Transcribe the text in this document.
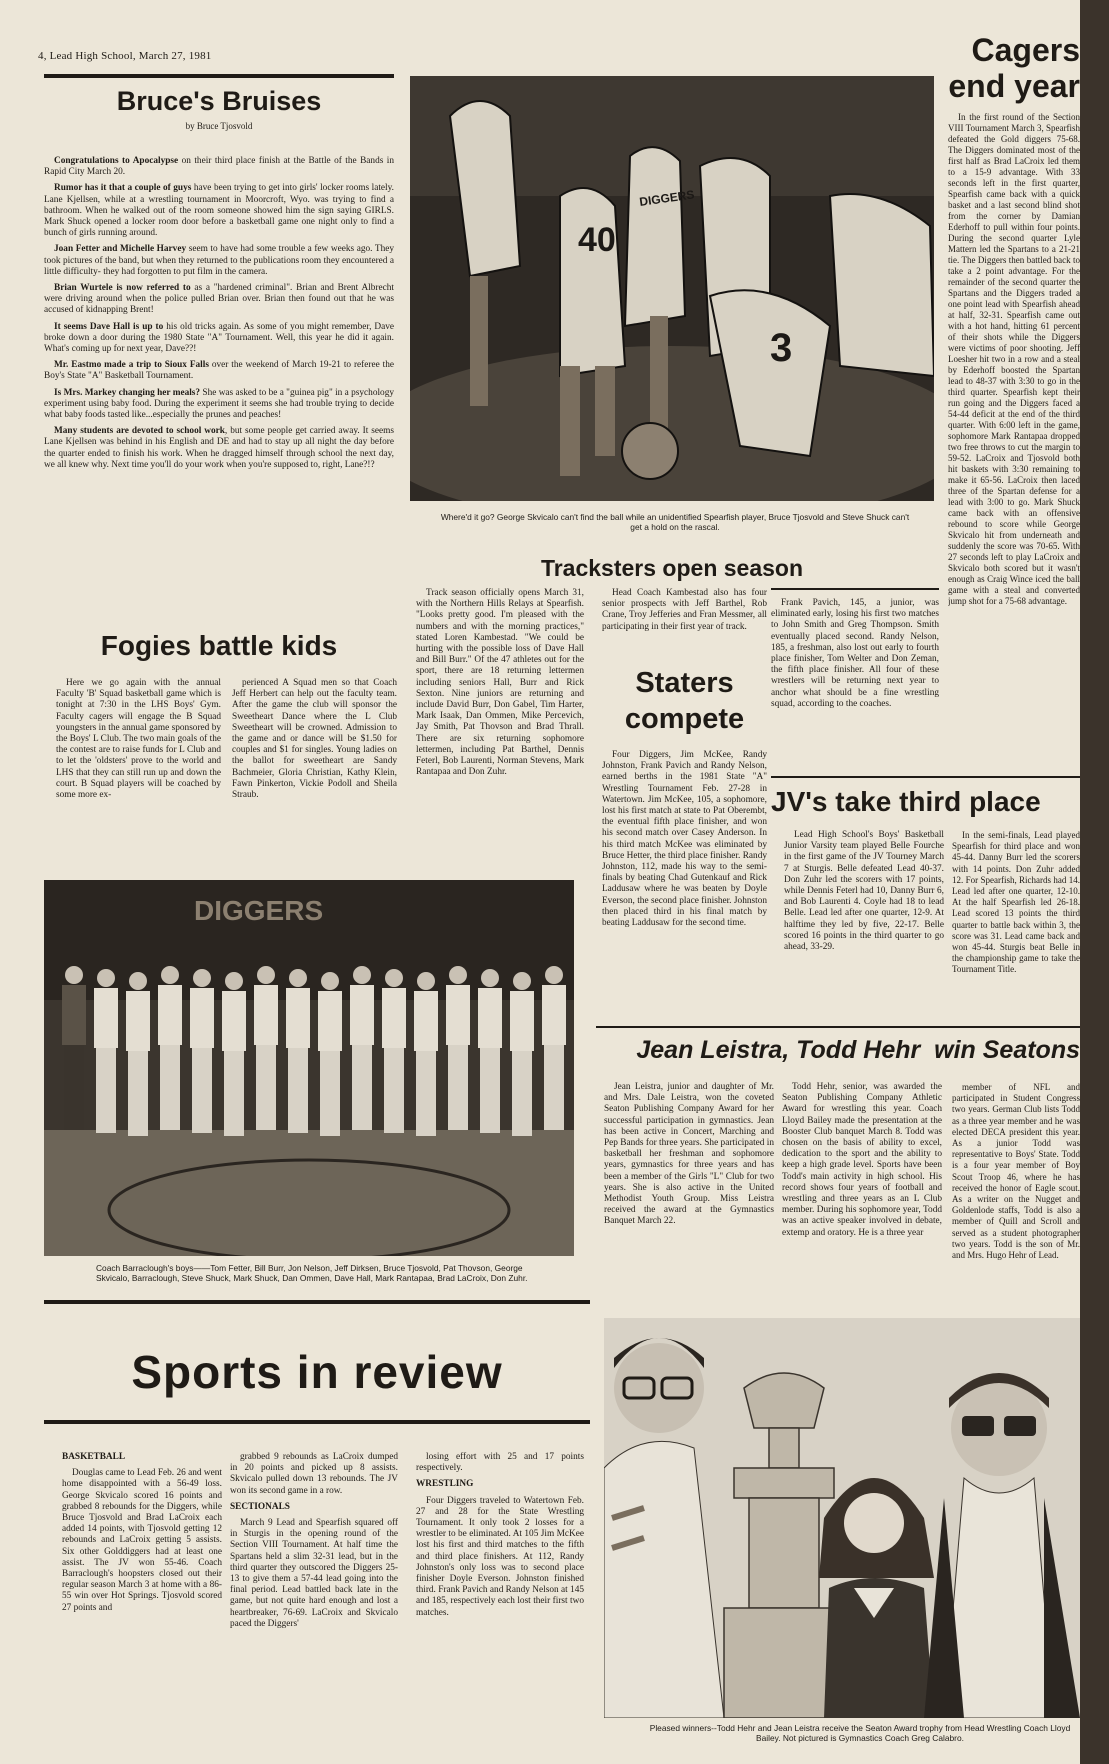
4, Lead High School, March 27, 1981
Bruce's Bruises
by Bruce Tjosvold

Congratulations to Apocalypse on their third place finish at the Battle of the Bands in Rapid City March 20.

Rumor has it that a couple of guys have been trying to get into girls' locker rooms lately. Lane Kjellsen, while at a wrestling tournament in Moorcroft, Wyo. was trying to find a bathroom. When he walked out of the room someone showed him the sign saying GIRLS. Mark Shuck opened a locker room door before a basketball game one night only to find a bunch of girls running around.

Joan Fetter and Michelle Harvey seem to have had some trouble a few weeks ago. They took pictures of the band, but when they returned to the publications room they encountered a little difficulty- they had forgotten to put film in the camera.

Brian Wurtele is now referred to as a "hardened criminal". Brian and Brent Albrecht were driving around when the police pulled Brian over. Brian then found out that he was accused of kidnapping Brent!

It seems Dave Hall is up to his old tricks again. As some of you might remember, Dave broke down a door during the 1980 State "A" Tournament. Well, this year he did it again. What's coming up for next year, Dave??!

Mr. Eastmo made a trip to Sioux Falls over the weekend of March 19-21 to referee the Boy's State "A" Basketball Tournament.

Is Mrs. Markey changing her meals? She was asked to be a "guinea pig" in a psychology experiment using baby food. During the experiment it seems she had trouble trying to decide what baby foods tasted like...especially the prunes and peaches!

Many students are devoted to school work, but some people get carried away. It seems Lane Kjellsen was behind in his English and DE and had to stay up all night the day before the quarter ended to finish his work. When he dragged himself through school the next day, we all knew why. Next time you'll do your work when you're supposed to, right, Lane?!?

40
3
DIGGERS
Where'd it go? George Skvicalo can't find the ball while an unidentified Spearfish player, Bruce Tjosvold and Steve Shuck can't get a hold on the rascal.
Cagers
end year

In the first round of the Section VIII Tournament March 3, Spearfish defeated the Gold diggers 75-68. The Diggers dominated most of the first half as Brad LaCroix led them to a 15-9 advantage. With 33 seconds left in the first quarter, Spearfish came back with a quick basket and a last second blind shot from the corner by Damian Ederhoff to pull within four points. During the second quarter Lyle Mattern led the Spartans to a 21-21 tie. The Diggers then battled back to take a 2 point advantage. For the remainder of the second quarter the Spartans and the Diggers traded a one point lead with Spearfish ahead at half, 32-31. Spearfish came out with a hot hand, hitting 61 percent of their shots while the Diggers were victims of poor shooting. Jeff Loesher hit two in a row and a steal by Ederhoff boosted the Spartan lead to 48-37 with 3:30 to go in the third quarter. Spearfish kept their run going and the Diggers faced a 54-44 deficit at the end of the third quarter. With 6:00 left in the game, sophomore Mark Rantapaa dropped two free throws to cut the margin to 59-52. LaCroix and Tjosvold both hit baskets with 3:30 remaining to make it 65-56. LaCroix then laced three of the Spartan defense for a lead with 3:00 to go. Mark Shuck came back with an offensive rebound to score while George Skvicalo hit from underneath and suddenly the score was 70-65. With 27 seconds left to play LaCroix and Skvicalo both scored but it wasn't enough as Craig Wince iced the ball game with a steal and converted jump shot for a 75-68 advantage.

Tracksters open season

Track season officially opens March 31, with the Northern Hills Relays at Spearfish. "Looks pretty good. I'm pleased with the numbers and with the morning practices," stated Loren Kambestad. "We could be hurting with the possible loss of Dave Hall and Bill Burr." Of the 47 athletes out for the sport, there are 18 returning lettermen including seniors Hall, Burr and Rick Sexton. Nine juniors are returning and include David Burr, Don Gabel, Tim Harter, Mark Isaak, Dan Ommen, Mike Percevich, Jay Smith, Pat Thovson and Brad Thrall. There are six returning sophomore lettermen, including Pat Barthel, Dennis Feterl, Bob Laurenti, Norman Stevens, Mark Rantapaa and Don Zuhr.

Head Coach Kambestad also has four senior prospects with Jeff Barthel, Rob Crane, Troy Jefferies and Fran Messmer, all participating in their first year of track.

Staters
compete

Four Diggers, Jim McKee, Randy Johnston, Frank Pavich and Randy Nelson, earned berths in the 1981 State "A" Wrestling Tournament Feb. 27-28 in Watertown. Jim McKee, 105, a sophomore, lost his first match at state to Pat Oberembt, the eventual fifth place finisher, and won his second match over Casey Anderson. In his third match McKee was eliminated by Bruce Hetter, the third place finisher. Randy Johnston, 112, made his way to the semi-finals by beating Chad Gutenkauf and Rick Laddusaw where he was beaten by Doyle Everson, the second place finisher. Johnston then placed third in his final match by beating Laddusaw for the second time.

Frank Pavich, 145, a junior, was eliminated early, losing his first two matches to John Smith and Greg Thompson. Smith eventually placed second. Randy Nelson, 185, a freshman, also lost out early to fourth place finisher, Tom Welter and Don Zeman, the fifth place finisher. All four of these wrestlers will be returning next year to anchor what should be a fine wrestling squad, according to the coaches.

JV's take third place

Lead High School's Boys' Basketball Junior Varsity team played Belle Fourche in the first game of the JV Tourney March 7 at Sturgis. Belle defeated Lead 40-37. Don Zuhr led the scorers with 17 points, while Dennis Feterl had 10, Danny Burr 6, and Bob Laurenti 4. Coyle had 18 to lead Belle. Lead led after one quarter, 12-9. At halftime they led by five, 22-17. Belle scored 16 points in the third quarter to go ahead, 33-29.

In the semi-finals, Lead played Spearfish for third place and won 45-44. Danny Burr led the scorers with 14 points. Don Zuhr added 12. For Spearfish, Richards had 14. Lead led after one quarter, 12-10. At the half Spearfish led 26-18. Lead scored 13 points the third quarter to battle back within 3, the score was 31. Lead came back and won 45-44. Sturgis beat Belle in the championship game to take the Tournament Title.

Fogies battle kids

Here we go again with the annual Faculty 'B' Squad basketball game which is tonight at 7:30 in the LHS Boys' Gym. Faculty cagers will engage the B Squad youngsters in the annual game sponsored by the Boys' L Club. The two main goals of the the contest are to raise funds for L Club and to let the 'oldsters' prove to the world and LHS that they can still run up and down the court. B Squad players will be coached by some more ex-

perienced A Squad men so that Coach Jeff Herbert can help out the faculty team. After the game the club will sponsor the Sweetheart Dance where the L Club Sweetheart will be crowned. Admission to the game and or dance will be $1.50 for couples and $1 for singles. Young ladies on the ballot for sweetheart are Sandy Bachmeier, Gloria Christian, Kathy Klein, Fawn Pinkerton, Vickie Podoll and Sheila Straub.

DIGGERS
Coach Barraclough's boys——Tom Fetter, Bill Burr, Jon Nelson, Jeff Dirksen, Bruce Tjosvold, Pat Thovson, George Skvicalo, Barraclough, Steve Shuck, Mark Shuck, Dan Ommen, Dave Hall, Mark Rantapaa, Brad LaCroix, Don Zuhr.
Jean Leistra, Todd Hehr  win Seatons

Jean Leistra, junior and daughter of Mr. and Mrs. Dale Leistra, won the coveted Seaton Publishing Company Award for her successful participation in gymnastics. Jean has been active in Concert, Marching and Pep Bands for three years. She participated in basketball her freshman and sophomore years, gymnastics for three years and has been a member of the Girls "L" Club for two years. She is also active in the United Methodist Youth Group. Miss Leistra received the award at the Gymnastics Banquet March 22.

Todd Hehr, senior, was awarded the Seaton Publishing Company Athletic Award for wrestling this year. Coach Lloyd Bailey made the presentation at the Booster Club banquet March 8. Todd was chosen on the basis of ability to excel, dedication to the sport and the ability to keep a high grade level. Sports have been Todd's main activity in high school. His record shows four years of football and wrestling and three years as an L Club member. During his sophomore year, Todd was an active speaker involved in debate, extemp and oratory. He is a three year

member of NFL and participated in Student Congress two years. German Club lists Todd as a three year member and he was elected DECA president this year. As a junior Todd was representative to Boys' State. Todd is a four year member of Boy Scout Troop 46, where he has received the honor of Eagle scout. As a writer on the Nugget and Goldenlode staffs, Todd is also a member of Quill and Scroll and served as a student photographer two years. Todd is the son of Mr. and Mrs. Hugo Hehr of Lead.

Sports in review

BASKETBALL

Douglas came to Lead Feb. 26 and went home disappointed with a 56-49 loss. George Skvicalo scored 16 points and grabbed 8 rebounds for the Diggers, while Bruce Tjosvold and Brad LaCroix each added 14 points, with Tjosvold getting 12 rebounds and LaCroix getting 5 assists. Six other Golddiggers had at least one assist. The JV won 55-46. Coach Barraclough's hoopsters closed out their regular season March 3 at home with a 86-55 win over Hot Springs. Tjosvold scored 27 points and

grabbed 9 rebounds as LaCroix dumped in 20 points and picked up 8 assists. Skvicalo pulled down 13 rebounds. The JV won its second game in a row.

SECTIONALS

March 9 Lead and Spearfish squared off in Sturgis in the opening round of the Section VIII Tournament. At half time the Spartans held a slim 32-31 lead, but in the third quarter they outscored the Diggers 25-13 to give them a 57-44 lead going into the final period. Lead battled back late in the game, but not quite hard enough and lost a heartbreaker, 76-69. LaCroix and Skvicalo paced the Diggers'

losing effort with 25 and 17 points respectively.

WRESTLING

Four Diggers traveled to Watertown Feb. 27 and 28 for the State Wrestling Tournament. It only took 2 losses for a wrestler to be eliminated. At 105 Jim McKee lost his first and third matches to the fifth and third place finishers. At 112, Randy Johnston's only loss was to second place finisher Doyle Everson. Johnston finished third. Frank Pavich and Randy Nelson at 145 and 185, respectively each lost their first two matches.

Pleased winners--Todd Hehr and Jean Leistra receive the Seaton Award trophy from Head Wrestling Coach Lloyd Bailey. Not pictured is Gymnastics Coach Greg Calabro.
